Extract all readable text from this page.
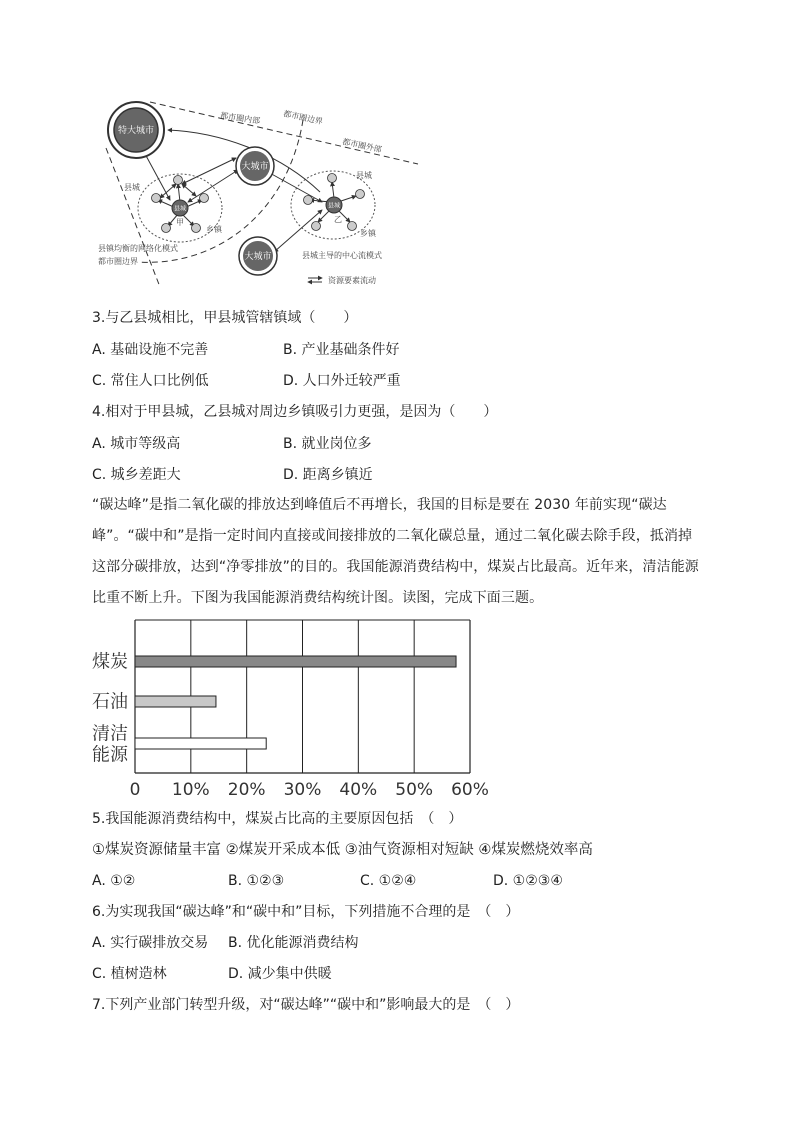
特大城市
大城市
大城市
县城
甲
县城
乙
都市圈内部	都市圈边界
都市圈外部
县城
县城
乡镇	乡镇
县镇均衡的网络化模式
都市圈边界
县城主导的中心流模式
资源要素流动
3.与乙县城相比，甲县城管辖镇域（　　）
A. 基础设施不完善	B. 产业基础条件好
C. 常住人口比例低	D. 人口外迁较严重
4.相对于甲县城，乙县城对周边乡镇吸引力更强，是因为（　　）
A. 城市等级高	B. 就业岗位多
C. 城乡差距大	D. 距离乡镇近
“碳达峰”是指二氧化碳的排放达到峰值后不再增长，我国的目标是要在 2030 年前实现“碳达峰”。“碳中和”是指一定时间内直接或间接排放的二氧化碳总量，通过二氧化碳去除手段，抵消掉这部分碳排放，达到“净零排放”的目的。我国能源消费结构中，煤炭占比最高。近年来，清洁能源比重不断上升。下图为我国能源消费结构统计图。读图，完成下面三题。
0 10% 20% 30% 40% 50% 60%
煤炭
石油
清洁
能源
5.我国能源消费结构中，煤炭占比高的主要原因包括　（　）
①煤炭资源储量丰富 ②煤炭开采成本低 ③油气资源相对短缺 ④煤炭燃烧效率高
A. ①②	B. ①②③	C. ①②④	D. ①②③④
6.为实现我国“碳达峰”和“碳中和”目标，下列措施不合理的是　（　）
A. 实行碳排放交易 B. 优化能源消费结构
C. 植树造林	D. 减少集中供暖
7.下列产业部门转型升级，对“碳达峰”“碳中和”影响最大的是　（　）
